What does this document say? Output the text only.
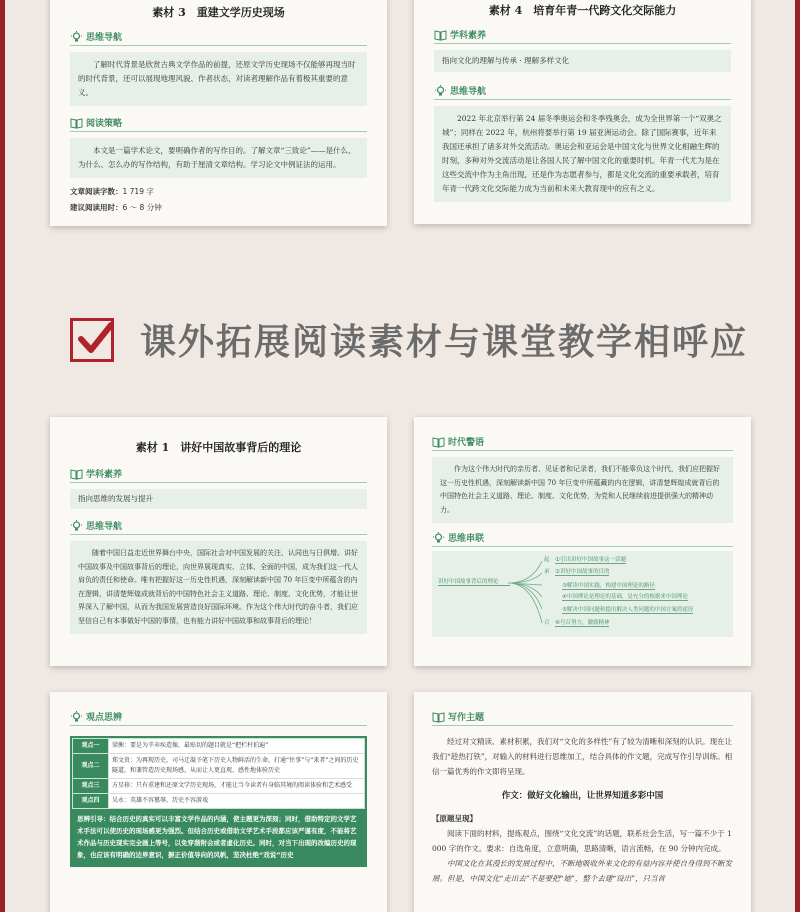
素材 3　重建文学历史现场
思维导航
了解时代背景是欣赏古典文学作品的前提，还原文学历史现场不仅能够再现当时的时代背景，还可以展现地理风貌、作者状态，对读者理解作品有着极其重要的意义。
阅读策略
本文是一篇学术论文，要明确作者的写作目的。了解文章“三致论”——是什么、为什么、怎么办的写作结构，有助于厘清文章结构。学习论文中例证法的运用。
文章阅读字数：1 719 字
建议阅读用时：6 ～ 8 分钟
素材 4　培育年青一代跨文化交际能力
学科素养
指向文化的理解与传承 · 理解多样文化
思维导航
2022 年北京举行第 24 届冬季奥运会和冬季残奥会，成为全世界第一个“双奥之城”；同样在 2022 年，杭州将要举行第 19 届亚洲运动会。除了国际赛事，近年来我国还承担了诸多对外交流活动。奥运会和亚运会是中国文化与世界文化相融生辉的时刻，多种对外交流活动是让各国人民了解中国文化的重要时机。年青一代尤为是在这些交流中作为主角出现，还是作为志愿者参与，都是文化交流的重要承载者，培育年青一代跨文化交际能力成为当前和未来大教育现中的应有之义。
课外拓展阅读素材与课堂教学相呼应
素材 1　讲好中国故事背后的理论
学科素养
指向思维的发展与提升
思维导航
随着中国日益走近世界舞台中央，国际社会对中国发展的关注、认同也与日俱增。讲好中国故事及中国故事背后的理论，向世界展现真实、立体、全面的中国，成为我们这一代人肩负的责任和使命。唯有把握好这一历史性机遇，深刻解读新中国 70 年巨变中所蕴含的内在逻辑，讲清楚辉煌成就背后的中国特色社会主义道路、理论、制度、文化优势，才能让世界深入了解中国，从而为我国发展营造良好国际环境。作为这个伟大时代的奋斗者，我们应坚信自己有本事做好中国的事情，也有能力讲好中国故事和故事背后的理论！
时代警语
作为这个伟大时代的亲历者、见证者和记录者，我们不能辜负这个时代，我们应把握好这一历史性机遇，深刻解读新中国 70 年巨变中所蕴藏的内在逻辑，讲清楚辉煌成就背后的中国特色社会主义道路、理论、制度、文化优势，为党和人民继续前进提供强大的精神动力。
思维串联
讲好中国故事背后的理论
起　 ①引出讲好中国故事这一话题
承　 ②讲好中国故事的目的
③解读中国实践，构建中国理论的路径
④中国理论是理论的基础，是充分的根据来中国理论
⑤解决中国问题和提出解决人类问题的中国方案的途径
合　 ⑥号召努力，激励精神
观点思辨
观点一	梁衡：要是为辛弃疾造像，最贴切的题目就是“把栏杆拍遍”
观点二	郑文贵：为再现历史，司马迁凝予笔下历史人物鲜活的生命，打通“往事”与“来者”之间的历史隧道，和兼管造历史现场感，从而让人更直观、感性地体验历史
观点三	方星移：只有重建和还原文学历史现场，才能让当今读者有身临其境的阅读体验和艺术感受
观点四	吴永：英雄不容篡辱，历史不容游戏
思辨引导：结合历史的真实可以丰富文学作品的内涵，使主题更为深刻；同时，借助特定的文学艺术手法可以使历史的现场感更为强烈。但结合历史或借助文学艺术手段都应该严谨有度，不能将艺术作品与历史现实完全画上等号，以免穿凿附会或者虚化历史。同时，对当下出现的改编历史的现象，也应该有明确的边界意识，摒正价值导向的风帆，坚决杜绝“戏说”历史
写作主题
经过对文精读、素材积累，我们对“文化的多样性”有了较为清晰和深刻的认识。现在让我们“趁热打铁”，对输入的材料进行思维加工，结合具体的作文题，完成写作引导训练。相信一篇优秀的作文即将呈现。
作文：做好文化输出，让世界知道多彩中国
【原题呈现】
阅读下面的材料，提炼观点，围绕“文化交流”的话题，联系社会生活，写一篇不少于 1 000 字的作文。要求：自选角度，立意明确，思路清晰，语言流畅，在 90 分钟内完成。
中国文化在其漫长的发展过程中，不断地吸收外来文化的有益内容并使自身得到不断发展。但是，中国文化“走出去”不是要把“她”，整个去建“设出”，只当首
